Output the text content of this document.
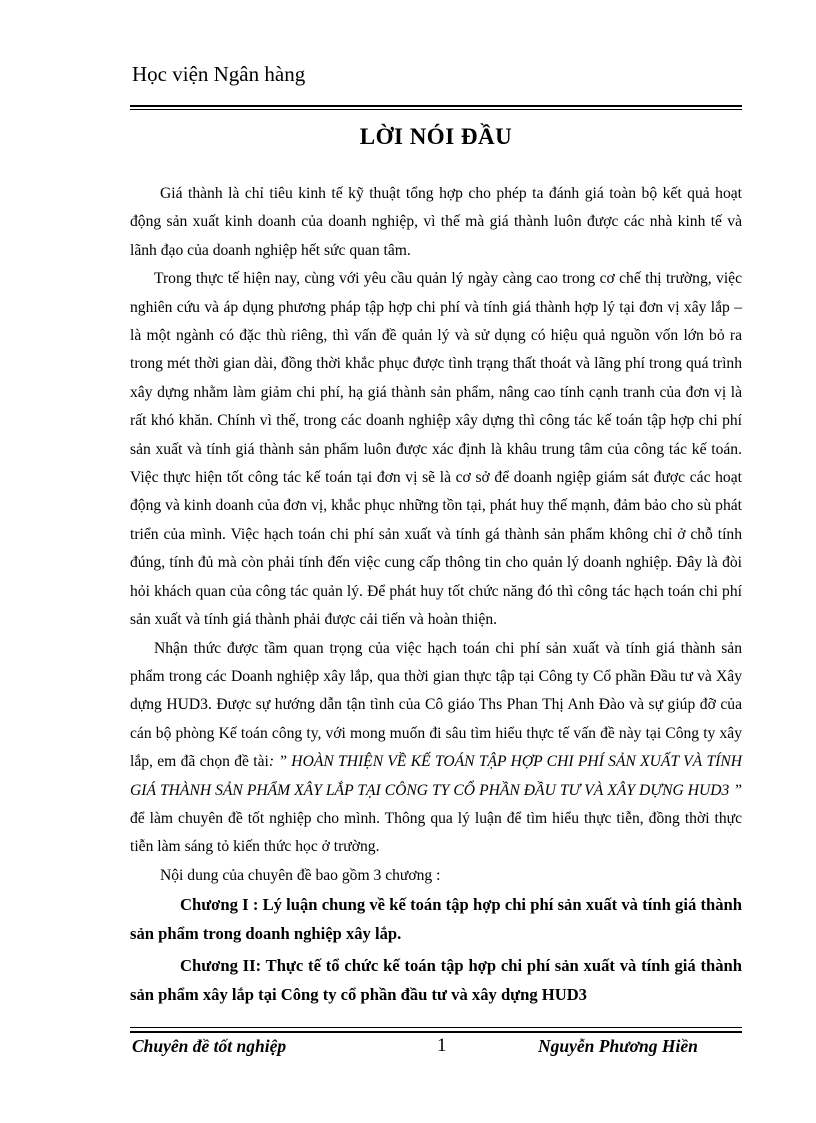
Học viện Ngân hàng
LỜI NÓI ĐẦU

Giá thành là chỉ tiêu kinh tế kỹ thuật tổng hợp cho phép ta đánh giá toàn bộ kết quả hoạt động sản xuất kinh doanh của doanh nghiệp, vì thế mà giá thành luôn được các nhà kinh tế và lãnh đạo của doanh nghiệp hết sức quan tâm.

Trong thực tế hiện nay, cùng với yêu cầu quản lý ngày càng cao trong cơ chế thị trường, việc nghiên cứu và áp dụng phương pháp tập hợp chi phí và tính giá thành hợp lý tại đơn vị xây lắp – là một ngành có đặc thù riêng, thì vấn đề quản lý và sử dụng có hiệu quả nguồn vốn lớn bỏ ra trong mét thời gian dài, đồng thời khắc phục được tình trạng thất thoát và lãng phí trong quá trình xây dựng nhằm làm giảm chi phí, hạ giá thành sản phẩm, nâng cao tính cạnh tranh của đơn vị là rất khó khăn. Chính vì thế, trong các doanh nghiệp xây dựng thì công tác kế toán tập hợp chi phí sản xuất và tính giá thành sản phẩm luôn được xác định là khâu trung tâm của công tác kế toán. Việc thực hiện tốt công tác kế toán tại đơn vị sẽ là cơ sở để doanh ngiệp giám sát được các hoạt động và kinh doanh của đơn vị, khắc phục những tồn tại, phát huy thế mạnh, đảm bảo cho sù phát triển của mình. Việc hạch toán chi phí sản xuất và tính gá thành sản phẩm không chỉ ở chỗ tính đúng, tính đủ mà còn phải tính đến việc cung cấp thông tin cho quản lý doanh nghiệp. Đây là đòi hỏi khách quan của công tác quản lý. Để phát huy tốt chức năng đó thì công tác hạch toán chi phí sản xuất và tính giá thành phải được cải tiến và hoàn thiện.

Nhận thức được tầm quan trọng của việc hạch toán chi phí sản xuất và tính giá thành sản phẩm trong các Doanh nghiệp xây lắp, qua thời gian thực tập tại Công ty Cổ phần Đầu tư và Xây dựng HUD3. Được sự hướng dẫn tận tình của Cô giáo Ths Phan Thị Anh Đào và sự giúp đỡ của cán bộ phòng Kế toán công ty, với mong muốn đi sâu tìm hiểu thực tế vấn đề này tại Công ty xây lắp, em đã chọn đề tài: ” HOÀN THIỆN VỀ KẾ TOÁN TẬP HỢP CHI PHÍ SẢN XUẤT VÀ TÍNH GIÁ THÀNH SẢN PHẨM XÂY LẮP TẠI CÔNG TY CỔ PHẦN ĐẦU TƯ VÀ XÂY DỰNG HUD3 ” để làm chuyên đề tốt nghiệp cho mình. Thông qua lý luận để tìm hiểu thực tiễn, đồng thời thực tiễn làm sáng tỏ kiến thức học ở trường.

Nội dung của chuyên đề bao gồm 3 chương :

Chương I : Lý luận chung về kế toán tập hợp chi phí sản xuất và tính giá thành sản phẩm trong doanh nghiệp xây lắp.

Chương II: Thực tế tổ chức kế toán tập hợp chi phí sản xuất và tính giá thành sản phẩm xây lắp tại Công ty cổ phần đầu tư và xây dựng HUD3

Chuyên đề tốt nghiệp	1	Nguyễn Phương Hiền
